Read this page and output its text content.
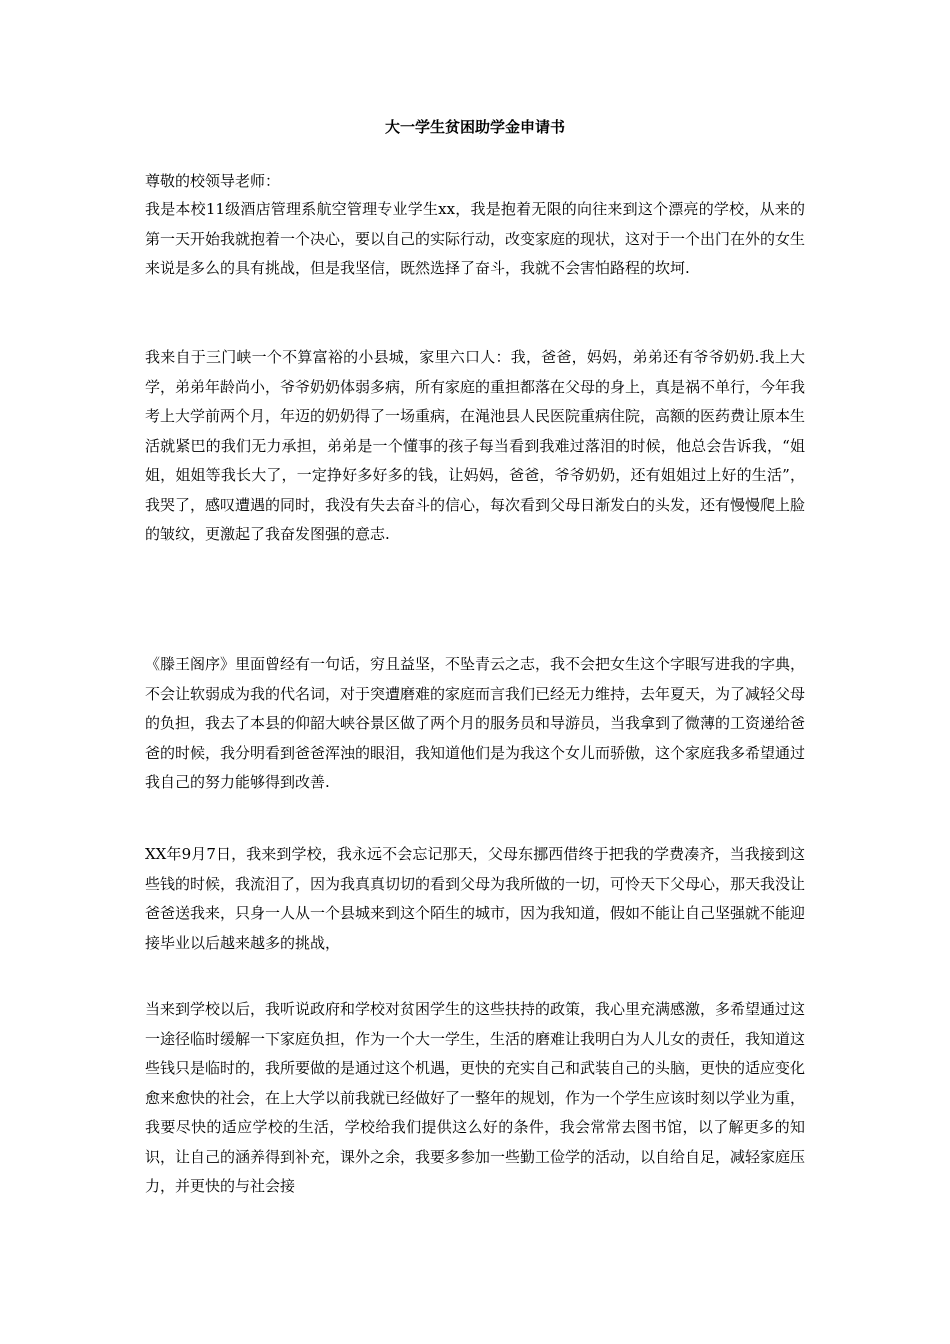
大一学生贫困助学金申请书

尊敬的校领导老师：

我是本校11级酒店管理系航空管理专业学生xx，我是抱着无限的向往来到这个漂亮的学校，从来的第一天开始我就抱着一个决心，要以自己的实际行动，改变家庭的现状，这对于一个出门在外的女生来说是多么的具有挑战，但是我坚信，既然选择了奋斗，我就不会害怕路程的坎坷.

我来自于三门峡一个不算富裕的小县城，家里六口人：我，爸爸，妈妈，弟弟还有爷爷奶奶.我上大学，弟弟年龄尚小，爷爷奶奶体弱多病，所有家庭的重担都落在父母的身上，真是祸不单行，今年我考上大学前两个月，年迈的奶奶得了一场重病，在渑池县人民医院重病住院，高额的医药费让原本生活就紧巴的我们无力承担，弟弟是一个懂事的孩子每当看到我难过落泪的时候，他总会告诉我，“姐姐，姐姐等我长大了，一定挣好多好多的钱，让妈妈，爸爸，爷爷奶奶，还有姐姐过上好的生活”，我哭了，感叹遭遇的同时，我没有失去奋斗的信心，每次看到父母日渐发白的头发，还有慢慢爬上脸的皱纹，更激起了我奋发图强的意志.

《滕王阁序》里面曾经有一句话，穷且益坚，不坠青云之志，我不会把女生这个字眼写进我的字典，不会让软弱成为我的代名词，对于突遭磨难的家庭而言我们已经无力维持，去年夏天，为了减轻父母的负担，我去了本县的仰韶大峡谷景区做了两个月的服务员和导游员，当我拿到了微薄的工资递给爸爸的时候，我分明看到爸爸浑浊的眼泪，我知道他们是为我这个女儿而骄傲，这个家庭我多希望通过我自己的努力能够得到改善.

XX年9月7日，我来到学校，我永远不会忘记那天，父母东挪西借终于把我的学费凑齐，当我接到这些钱的时候，我流泪了，因为我真真切切的看到父母为我所做的一切，可怜天下父母心，那天我没让爸爸送我来，只身一人从一个县城来到这个陌生的城市，因为我知道，假如不能让自己坚强就不能迎接毕业以后越来越多的挑战，

当来到学校以后，我听说政府和学校对贫困学生的这些扶持的政策，我心里充满感激，多希望通过这一途径临时缓解一下家庭负担，作为一个大一学生，生活的磨难让我明白为人儿女的责任，我知道这些钱只是临时的，我所要做的是通过这个机遇，更快的充实自己和武装自己的头脑，更快的适应变化愈来愈快的社会，在上大学以前我就已经做好了一整年的规划，作为一个学生应该时刻以学业为重，我要尽快的适应学校的生活，学校给我们提供这么好的条件，我会常常去图书馆，以了解更多的知识，让自己的涵养得到补充，课外之余，我要多参加一些勤工俭学的活动，以自给自足，减轻家庭压力，并更快的与社会接
